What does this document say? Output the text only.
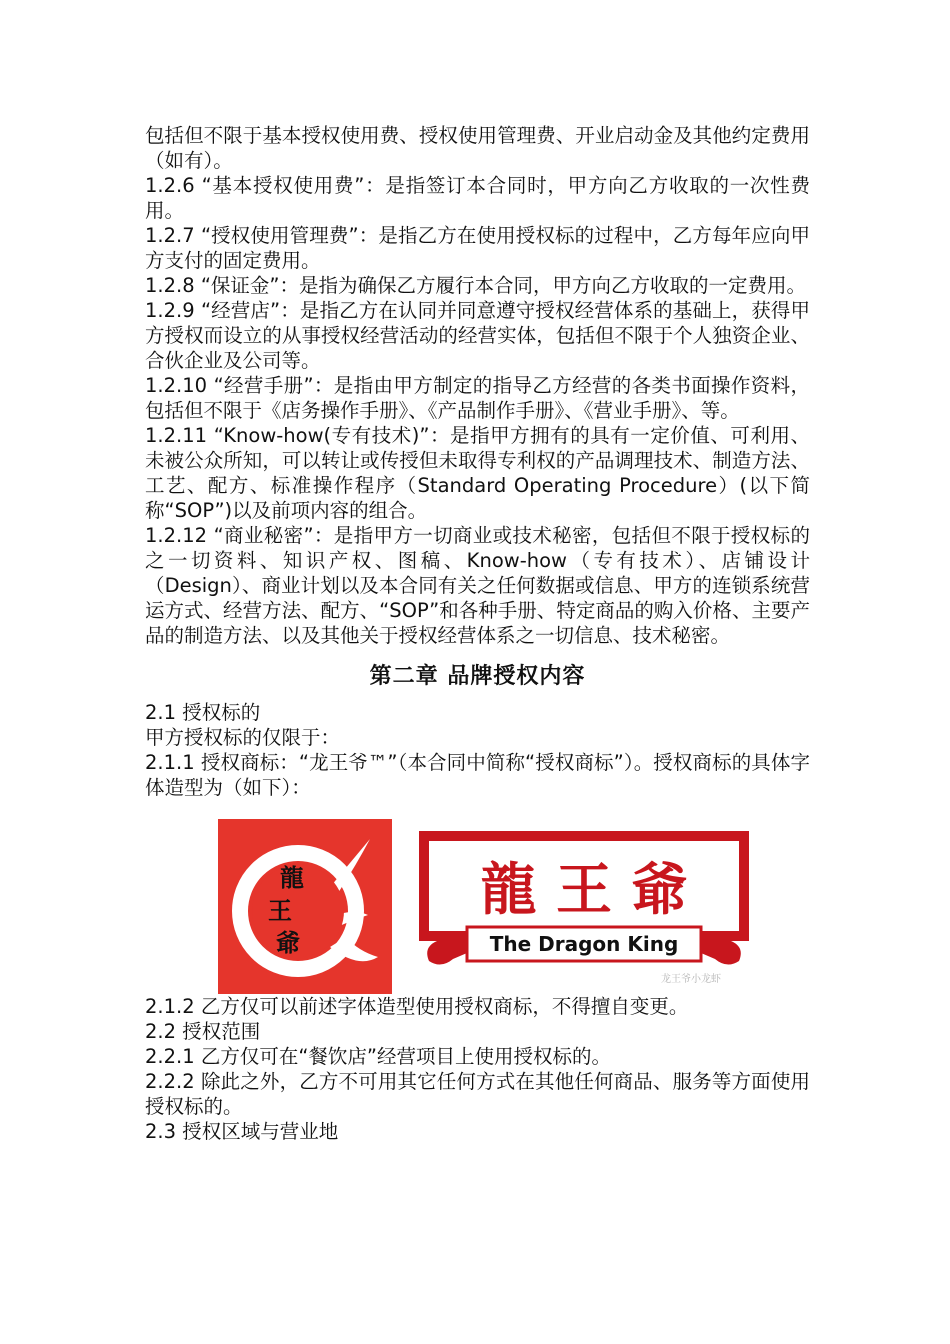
包括但不限于基本授权使用费、授权使用管理费、开业启动金及其他约定费用（如有）。

1.2.6 “基本授权使用费”：是指签订本合同时，甲方向乙方收取的一次性费用。

1.2.7 “授权使用管理费”：是指乙方在使用授权标的过程中，乙方每年应向甲方支付的固定费用。

1.2.8 “保证金”：是指为确保乙方履行本合同，甲方向乙方收取的一定费用。

1.2.9 “经营店”：是指乙方在认同并同意遵守授权经营体系的基础上，获得甲方授权而设立的从事授权经营活动的经营实体，包括但不限于个人独资企业、合伙企业及公司等。

1.2.10 “经营手册”：是指由甲方制定的指导乙方经营的各类书面操作资料，包括但不限于《店务操作手册》、《产品制作手册》、《营业手册》、等。

1.2.11 “Know-how(专有技术)”：是指甲方拥有的具有一定价值、可利用、未被公众所知，可以转让或传授但未取得专利权的产品调理技术、制造方法、工艺、配方、标准操作程序（Standard Operating Procedure）(以下简称“SOP”)以及前项内容的组合。

1.2.12 “商业秘密”：是指甲方一切商业或技术秘密，包括但不限于授权标的之一切资料、知识产权、图稿、Know-how（专有技术）、店铺设计（Design）、商业计划以及本合同有关之任何数据或信息、甲方的连锁系统营运方式、经营方法、配方、“SOP”和各种手册、特定商品的购入价格、主要产品的制造方法、以及其他关于授权经营体系之一切信息、技术秘密。

第二章 品牌授权内容

2.1 授权标的

甲方授权标的仅限于：

2.1.1 授权商标：“龙王爷™”（本合同中简称“授权商标”）。授权商标的具体字体造型为（如下）：

龍
王
爺
龍 王 爺
The Dragon King
龙王爷小龙虾

2.1.2 乙方仅可以前述字体造型使用授权商标，不得擅自变更。

2.2 授权范围

2.2.1 乙方仅可在“餐饮店”经营项目上使用授权标的。

2.2.2 除此之外，乙方不可用其它任何方式在其他任何商品、服务等方面使用授权标的。

2.3 授权区域与营业地
